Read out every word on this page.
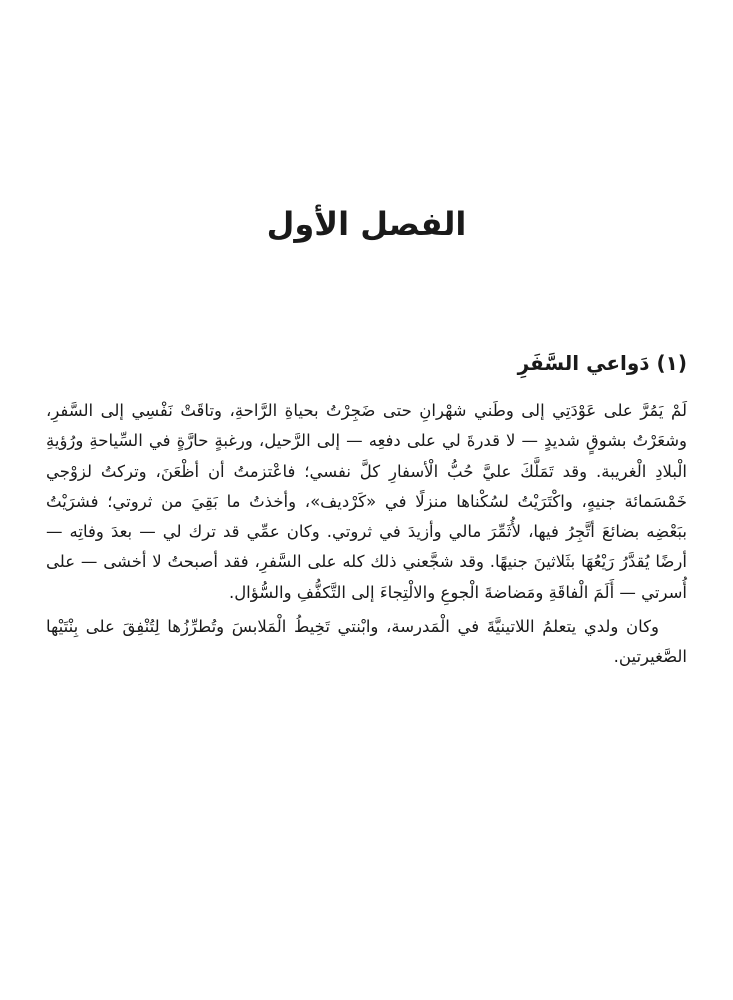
الفصل الأول
(١) دَواعي السَّفَرِ

لَمْ يَمُرَّ على عَوْدَتِي إلى وطَني شهْرانِ حتى ضَجِرْتُ بحياةِ الرَّاحةِ، وتاقَتْ نَفْسِي إلى السَّفرِ، وشعَرْتُ بشوقٍ شديدٍ — لا قدرةَ لي على دفعِه — إلى الرَّحيل، ورغبةٍ حارَّةٍ في السِّياحةِ ورُؤيةِ الْبلادِ الْغريبة. وقد تَمَلَّكَ عليَّ حُبُّ الْأسفارِ كلَّ نفسي؛ فاعْتزمتُ أن أظْعَنَ، وتركتُ لزوْجي خَمْسَمائة جنيهٍ، واكْتَرَيْتُ لسُكْناها منزلًا في «كَرْديف»، وأخذتُ ما بَقِيَ من ثروتي؛ فشرَيْتُ ببَعْضِه بضائعَ أتَّجِرُ فيها، لأُثَمِّرَ مالي وأزيدَ في ثروتي. وكان عمِّي قد ترك لي — بعدَ وفاتِه — أرضًا يُقدَّرُ رَيْعُهَا بثَلاثينَ جنيهًا. وقد شجَّعني ذلك كله على السَّفرِ، فقد أصبحتُ لا أخشى — على أُسرتي — أَلَمَ الْفاقَةِ ومَضاضةَ الْجوعِ والالْتِجاءَ إلى التَّكفُّفِ والسُّؤال.

وكان ولدي يتعلمُ اللاتينيَّةَ في الْمَدرسة، وابْنتي تَخِيطُ الْمَلابسَ وتُطرِّزُها لِتُنْفِقَ على بِنْتَيْها الصَّغيرتين.
